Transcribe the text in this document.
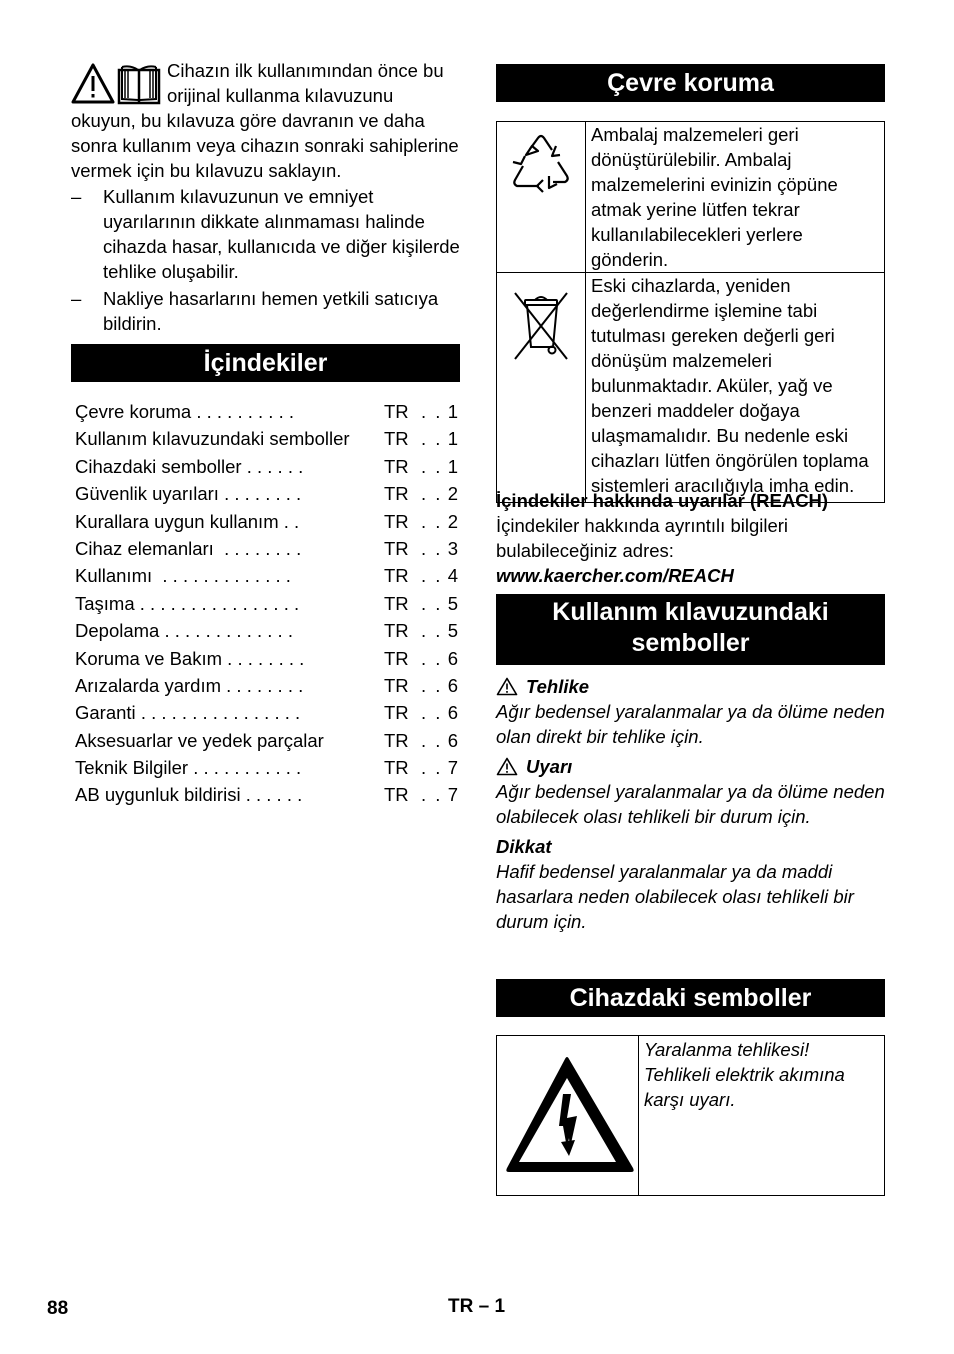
Cihazın ilk kullanımından önce bu orijinal kullanma kılavuzunu okuyun, bu kılavuza göre davranın ve daha sonra kullanım veya cihazın sonraki sahiplerine vermek için bu kılavuzu saklayın.
– Kullanım kılavuzunun ve emniyet uyarılarının dikkate alınmaması halinde cihazda hasar, kullanıcıda ve diğer kişilerde tehlike oluşabilir.
– Nakliye hasarlarını hemen yetkili satıcıya bildirin.
İçindekiler
Çevre koruma . . . . . . . . . .	TR . . 1
Kullanım kılavuzundaki semboller TR . . 1
Cihazdaki semboller . . . . . .	TR . . 1
Güvenlik uyarıları . . . . . . . .	TR . . 2
Kurallara uygun kullanım . .	TR . . 2
Cihaz elemanları . . . . . . . .	TR . . 3
Kullanımı . . . . . . . . . . . . .	TR . . 4
Taşıma . . . . . . . . . . . . . . . .	TR . . 5
Depolama . . . . . . . . . . . . .	TR . . 5
Koruma ve Bakım . . . . . . . .	TR . . 6
Arızalarda yardım . . . . . . . .	TR . . 6
Garanti . . . . . . . . . . . . . . . .	TR . . 6
Aksesuarlar ve yedek parçalar	TR . . 6
Teknik Bilgiler . . . . . . . . . . .	TR . . 7
AB uygunluk bildirisi . . . . . .	TR . . 7
Çevre koruma
	Ambalaj malzemeleri geri dönüştürülebilir. Ambalaj malzemelerini evinizin çöpüne atmak yerine lütfen tekrar kullanılabilecekleri yerlere gönderin.
	Eski cihazlarda, yeniden değerlendirme işlemine tabi tutulması gereken değerli geri dönüşüm malzemeleri bulunmaktadır. Aküler, yağ ve benzeri maddeler doğaya ulaşmamalıdır. Bu nedenle eski cihazları lütfen öngörülen toplama sistemleri aracılığıyla imha edin.
İçindekiler hakkında uyarılar (REACH)
İçindekiler hakkında ayrıntılı bilgileri bulabileceğiniz adres:
www.kaercher.com/REACH
Kullanım kılavuzundaki
semboller
Tehlike
Ağır bedensel yaralanmalar ya da ölüme neden olan direkt bir tehlike için.
Uyarı
Ağır bedensel yaralanmalar ya da ölüme neden olabilecek olası tehlikeli bir durum için.
Dikkat
Hafif bedensel yaralanmalar ya da maddi hasarlara neden olabilecek olası tehlikeli bir durum için.
Cihazdaki semboller
	Yaralanma tehlikesi! Tehlikeli elektrik akımına karşı uyarı.
88	TR – 1
